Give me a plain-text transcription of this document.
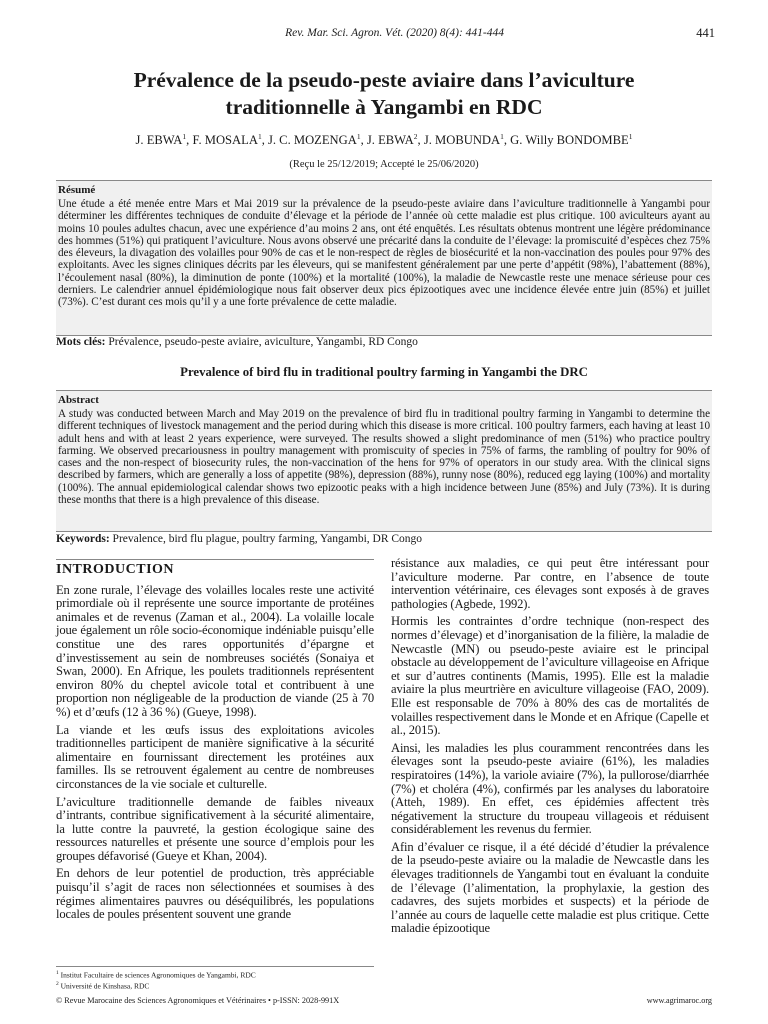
Rev. Mar. Sci. Agron. Vét. (2020) 8(4): 441-444	441
Prévalence de la pseudo-peste aviaire dans l’aviculture
traditionnelle à Yangambi en RDC
J. EBWA$^1$, F. MOSALA$^1$, J. C. MOZENGA$^1$, J. EBWA$^2$, J. MOBUNDA$^1$, G. Willy BONDOMBE$^1$
(Reçu le 25/12/2019; Accepté le 25/06/2020)
Résumé
Une étude a été menée entre Mars et Mai 2019 sur la prévalence de la pseudo-peste aviaire dans l’aviculture traditionnelle à Yangambi pour déterminer les différentes techniques de conduite d’élevage et la période de l’année où cette maladie est plus critique. 100 aviculteurs ayant au moins 10 poules adultes chacun, avec une expérience d’au moins 2 ans, ont été enquêtés. Les résultats obtenus montrent une légère prédominance des hommes (51%) qui pratiquent l’aviculture. Nous avons observé une précarité dans la conduite de l’élevage: la promiscuité d’espèces chez 75% des éleveurs, la divagation des volailles pour 90% de cas et le non-respect de règles de biosécurité et la non-vaccination des poules pour 97% des exploitants. Avec les signes cliniques décrits par les éleveurs, qui se manifestent généralement par une perte d’appétit (98%), l’abattement (88%), l’écoulement nasal (80%), la diminution de ponte (100%) et la mortalité (100%), la maladie de Newcastle reste une menace sérieuse pour ces derniers. Le calendrier annuel épidémiologique nous fait observer deux pics épizootiques avec une incidence élevée entre juin (85%) et juillet (73%). C’est durant ces mois qu’il y a une forte prévalence de cette maladie.
Mots clés: Prévalence, pseudo-peste aviaire, aviculture, Yangambi, RD Congo
Prevalence of bird flu in traditional poultry farming in Yangambi the DRC
Abstract
A study was conducted between March and May 2019 on the prevalence of bird flu in traditional poultry farming in Yangambi to determine the different techniques of livestock management and the period during which this disease is more critical. 100 poultry farmers, each having at least 10 adult hens and with at least 2 years experience, were surveyed. The results showed a slight predominance of men (51%) who practice poultry farming. We observed precariousness in poultry management with promiscuity of species in 75% of farms, the rambling of poultry for 90% of cases and the non-respect of biosecurity rules, the non-vaccination of the hens for 97% of operators in our study area. With the clinical signs described by farmers, which are generally a loss of appetite (98%), depression (88%), runny nose (80%), reduced egg laying (100%) and mortality (100%). The annual epidemiological calendar shows two epizootic peaks with a high incidence between June (85%) and July (73%). It is during these months that there is a high prevalence of this disease.
Keywords: Prevalence, bird flu plague, poultry farming, Yangambi, DR Congo
INTRODUCTION

En zone rurale, l’élevage des volailles locales reste une activité primordiale où il représente une source importante de protéines animales et de revenus (Zaman et al., 2004). La volaille locale joue également un rôle socio-économique indéniable puisqu’elle constitue une des rares opportunités d’épargne et d’investissement au sein de nombreuses sociétés (Sonaiya et Swan, 2000). En Afrique, les poulets traditionnels représentent environ 80% du cheptel avicole total et contribuent à une proportion non négligeable de la production de viande (25 à 70 %) et d’œufs (12 à 36 %) (Gueye, 1998).

La viande et les œufs issus des exploitations avicoles traditionnelles participent de manière significative à la sécurité alimentaire en fournissant directement les protéines aux familles. Ils se retrouvent également au centre de nombreuses circonstances de la vie sociale et culturelle.

L’aviculture traditionnelle demande de faibles niveaux d’intrants, contribue significativement à la sécurité alimentaire, la lutte contre la pauvreté, la gestion écologique saine des ressources naturelles et présente une source d’emplois pour les groupes défavorisé (Gueye et Khan, 2004).

En dehors de leur potentiel de production, très appréciable puisqu’il s’agit de races non sélectionnées et soumises à des régimes alimentaires pauvres ou déséquilibrés, les populations locales de poules présentent souvent une grande

résistance aux maladies, ce qui peut être intéressant pour l’aviculture moderne. Par contre, en l’absence de toute intervention vétérinaire, ces élevages sont exposés à de graves pathologies (Agbede, 1992).

Hormis les contraintes d’ordre technique (non-respect des normes d’élevage) et d’inorganisation de la filière, la maladie de Newcastle (MN) ou pseudo-peste aviaire est le principal obstacle au développement de l’aviculture villageoise en Afrique et sur d’autres continents (Mamis, 1995). Elle est la maladie aviaire la plus meurtrière en aviculture villageoise (FAO, 2009). Elle est responsable de 70% à 80% des cas de mortalités de volailles respectivement dans le Monde et en Afrique (Capelle et al., 2015).

Ainsi, les maladies les plus couramment rencontrées dans les élevages sont la pseudo-peste aviaire (61%), les maladies respiratoires (14%), la variole aviaire (7%), la pullorose/diarrhée (7%) et choléra (4%), confirmés par les analyses du laboratoire (Atteh, 1989). En effet, ces épidémies affectent très négativement la structure du troupeau villageois et réduisent considérablement les revenus du fermier.

Afin d’évaluer ce risque, il a été décidé d’étudier la prévalence de la pseudo-peste aviaire ou la maladie de Newcastle dans les élevages traditionnels de Yangambi tout en évaluant la conduite de l’élevage (l’alimentation, la prophylaxie, la gestion des cadavres, des sujets morbides et suspects) et la période de l’année au cours de laquelle cette maladie est plus critique. Cette maladie épizootique

$^1$ Institut Facultaire de sciences Agronomiques de Yangambi, RDC
$^2$ Université de Kinshasa, RDC
© Revue Marocaine des Sciences Agronomiques et Vétérinaires • p-ISSN: 2028-991X	www.agrimaroc.org
